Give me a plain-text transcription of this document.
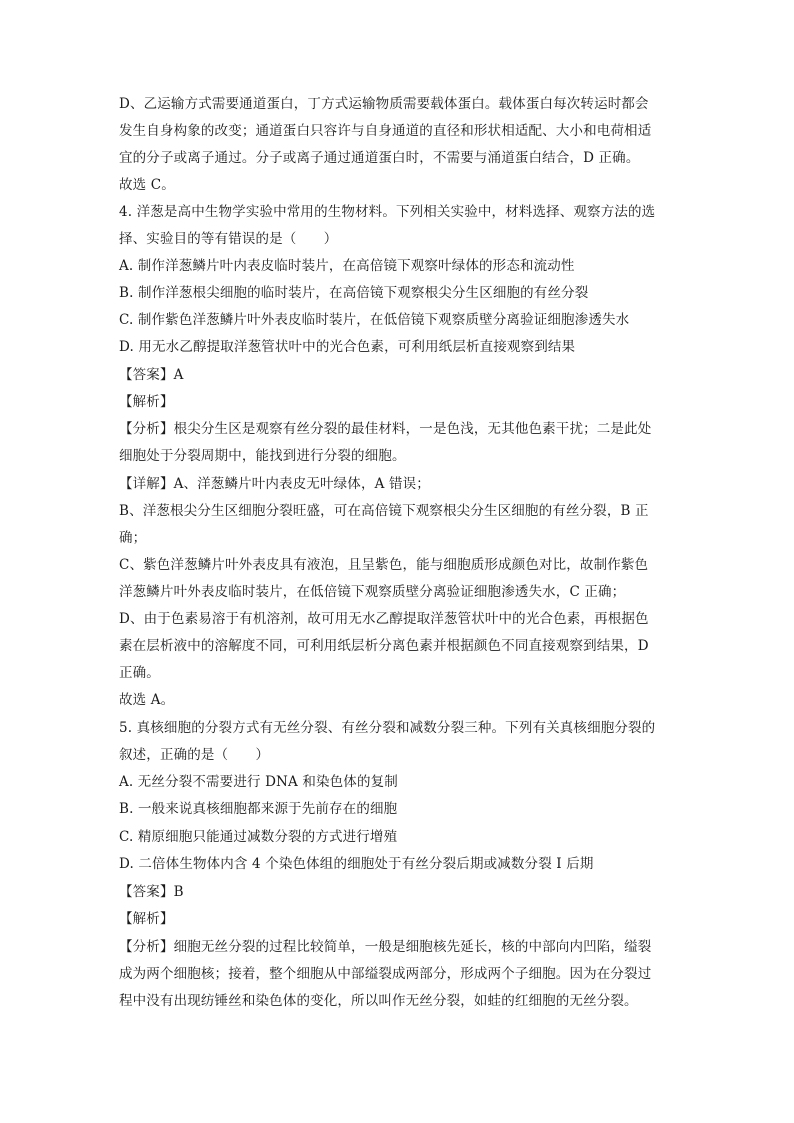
D、乙运输方式需要通道蛋白，丁方式运输物质需要载体蛋白。载体蛋白每次转运时都会
发生自身构象的改变；通道蛋白只容许与自身通道的直径和形状相适配、大小和电荷相适
宜的分子或离子通过。分子或离子通过通道蛋白时，不需要与涌道蛋白结合，D 正确。
故选 C。
4. 洋葱是高中生物学实验中常用的生物材料。下列相关实验中，材料选择、观察方法的选
择、实验目的等有错误的是（　　）
A. 制作洋葱鳞片叶内表皮临时装片，在高倍镜下观察叶绿体的形态和流动性
B. 制作洋葱根尖细胞的临时装片，在高倍镜下观察根尖分生区细胞的有丝分裂
C. 制作紫色洋葱鳞片叶外表皮临时装片，在低倍镜下观察质壁分离验证细胞渗透失水
D. 用无水乙醇提取洋葱管状叶中的光合色素，可利用纸层析直接观察到结果
【答案】A
【解析】
【分析】根尖分生区是观察有丝分裂的最佳材料，一是色浅，无其他色素干扰；二是此处
细胞处于分裂周期中，能找到进行分裂的细胞。
【详解】A、洋葱鳞片叶内表皮无叶绿体，A 错误；
B、洋葱根尖分生区细胞分裂旺盛，可在高倍镜下观察根尖分生区细胞的有丝分裂，B 正
确；
C、紫色洋葱鳞片叶外表皮具有液泡，且呈紫色，能与细胞质形成颜色对比，故制作紫色
洋葱鳞片叶外表皮临时装片，在低倍镜下观察质壁分离验证细胞渗透失水，C 正确；
D、由于色素易溶于有机溶剂，故可用无水乙醇提取洋葱管状叶中的光合色素，再根据色
素在层析液中的溶解度不同，可利用纸层析分离色素并根据颜色不同直接观察到结果，D
正确。
故选 A。
5. 真核细胞的分裂方式有无丝分裂、有丝分裂和减数分裂三种。下列有关真核细胞分裂的
叙述，正确的是（　　）
A. 无丝分裂不需要进行 DNA 和染色体的复制
B. 一般来说真核细胞都来源于先前存在的细胞
C. 精原细胞只能通过减数分裂的方式进行增殖
D. 二倍体生物体内含 4 个染色体组的细胞处于有丝分裂后期或减数分裂 I 后期
【答案】B
【解析】
【分析】细胞无丝分裂的过程比较简单，一般是细胞核先延长，核的中部向内凹陷，缢裂
成为两个细胞核；接着，整个细胞从中部缢裂成两部分，形成两个子细胞。因为在分裂过
程中没有出现纺锤丝和染色体的变化，所以叫作无丝分裂，如蛙的红细胞的无丝分裂。
